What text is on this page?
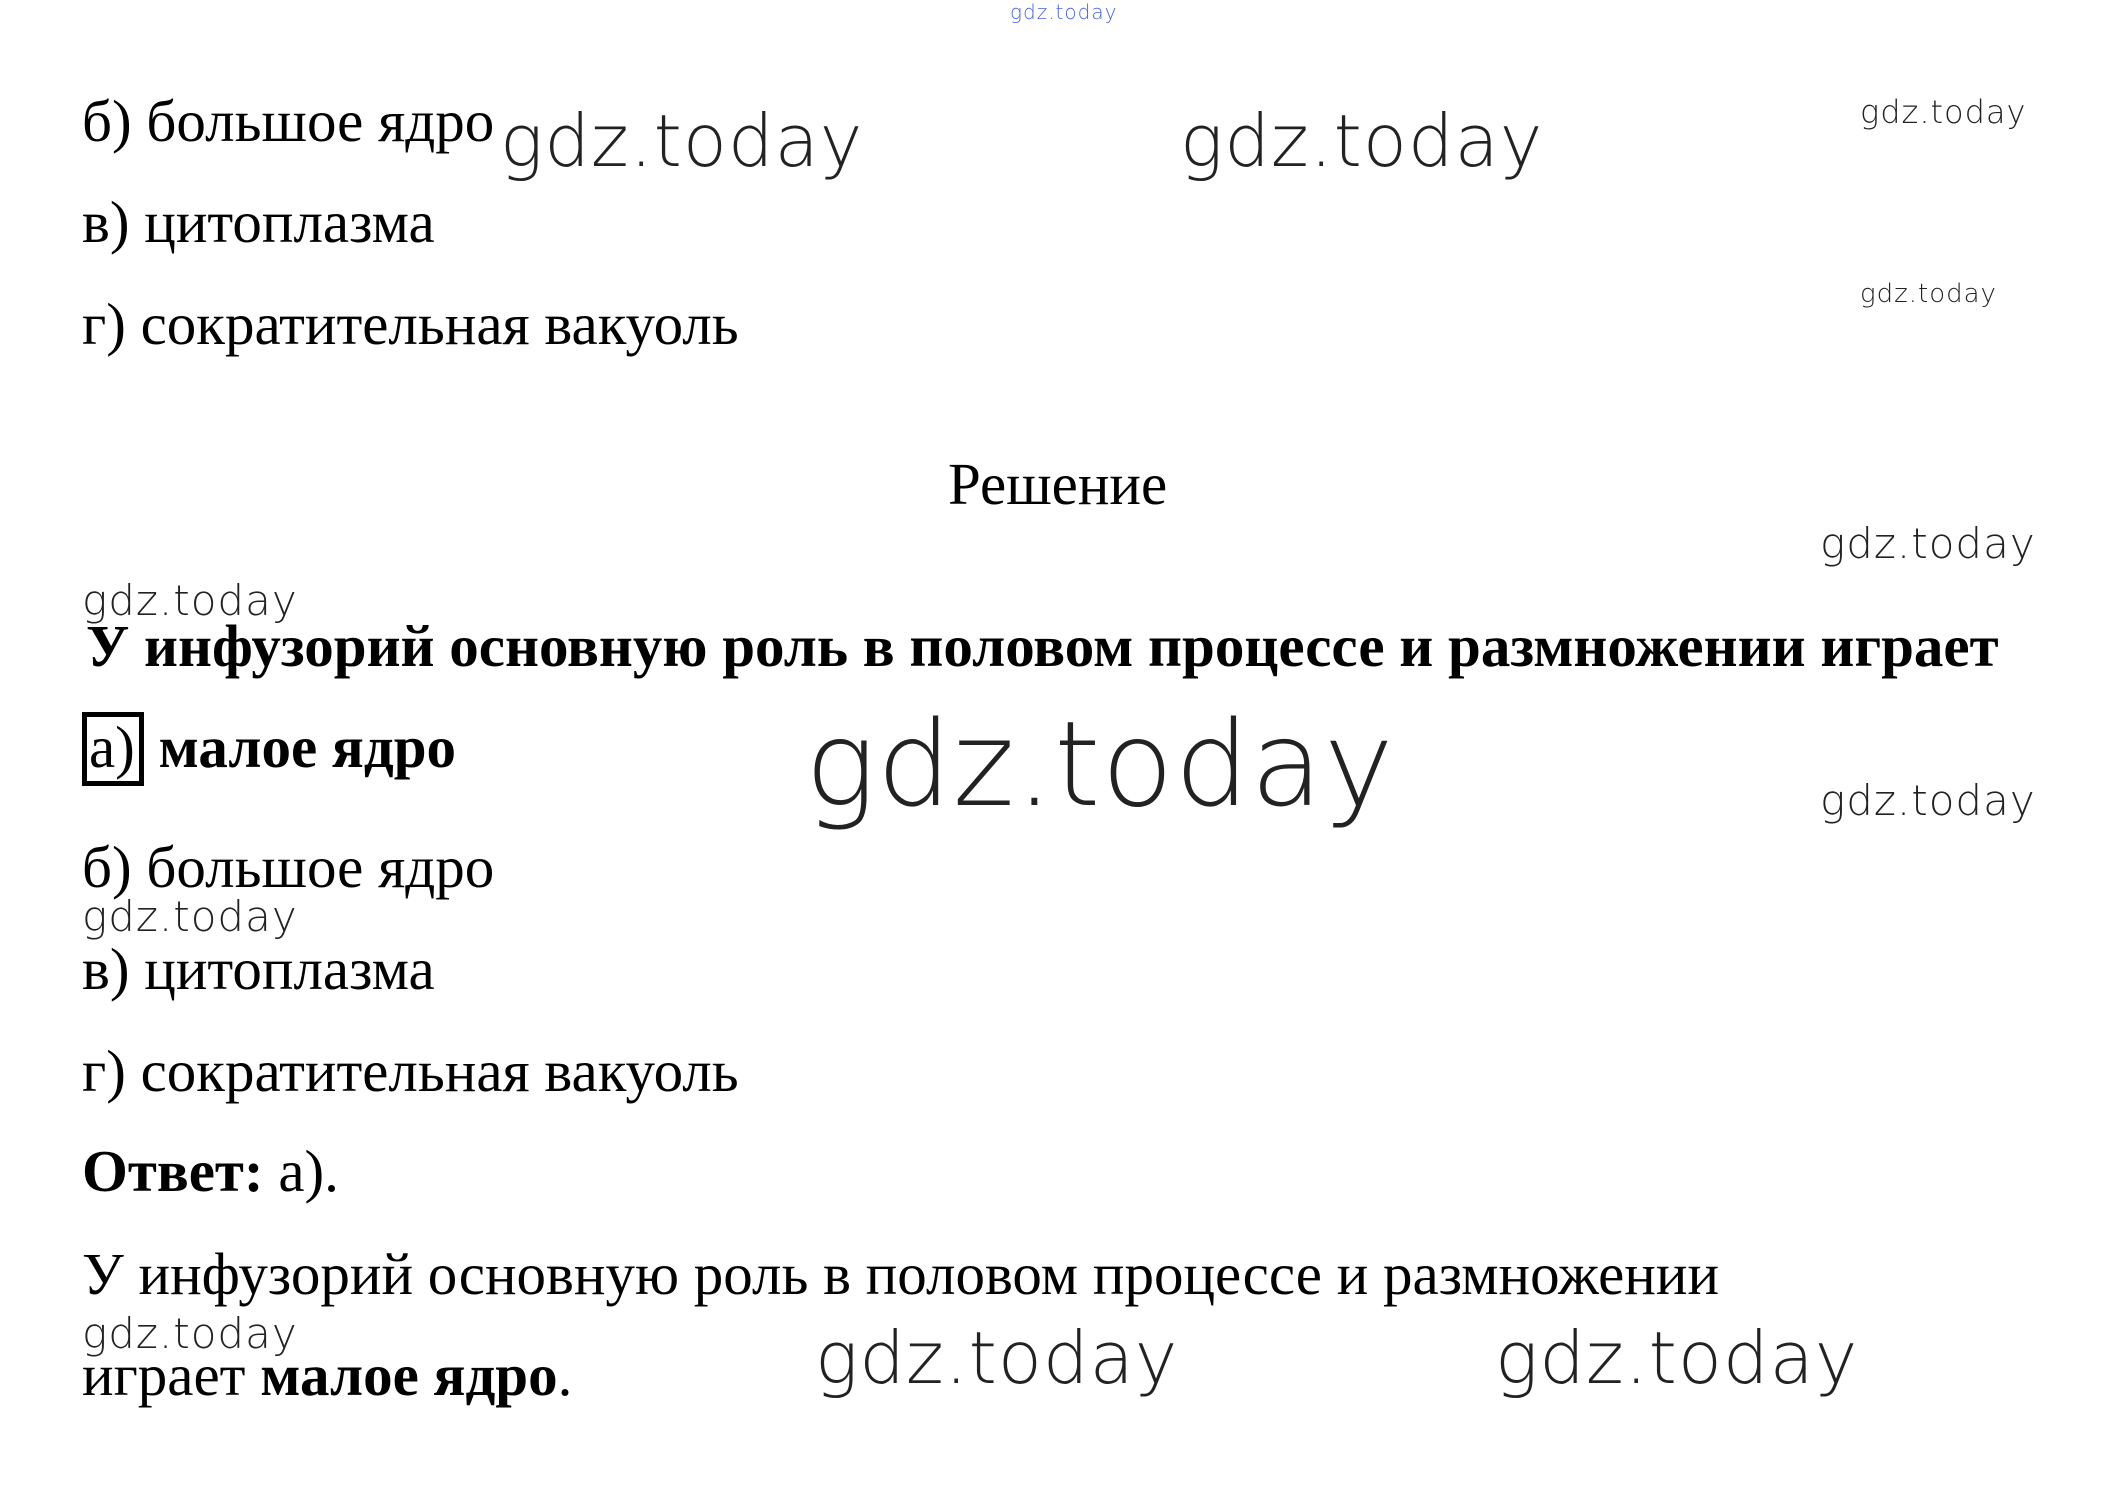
gdz.today
gdz.today	gdz.today	gdz.today
gdz.today
gdz.today
gdz.today
gdz.today	gdz.today
gdz.today
gdz.today	gdz.today	gdz.today
б) большое ядро
в) цитоплазма
г) сократительная вакуоль
Решение
У инфузорий основную роль в половом процессе и размножении играет
а) малое ядро
б) большое ядро
в) цитоплазма
г) сократительная вакуоль
Ответ: а).
У инфузорий основную роль в половом процессе и размножении
играет малое ядро.
